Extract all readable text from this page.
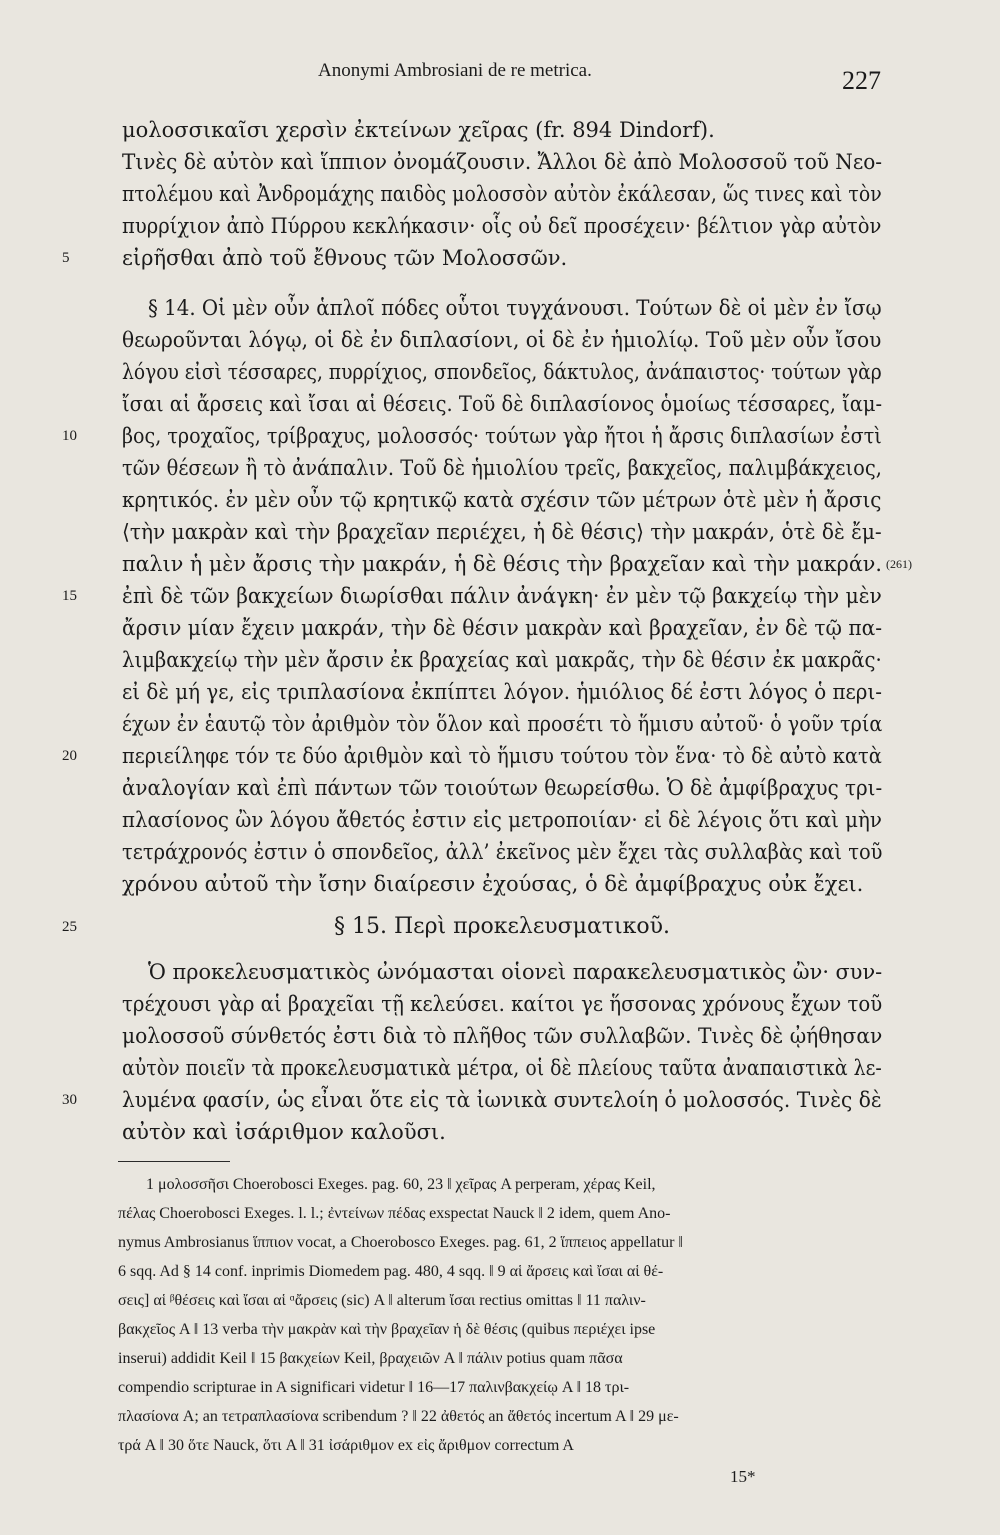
Anonymi Ambrosiani de re metrica.	227
μολοσσικαῖσι χερσὶν ἐκτείνων χεῖρας (fr. 894 Dindorf).
Τινὲς δὲ αὐτὸν καὶ ἵππιον ὀνομάζουσιν. Ἄλλοι δὲ ἀπὸ Μολοσσοῦ τοῦ Νεο-
πτολέμου καὶ Ἀνδρομάχης παιδὸς μολοσσὸν αὐτὸν ἐκάλεσαν, ὥς τινες καὶ τὸν
πυρρίχιον ἀπὸ Πύρρου κεκλήκασιν· οἷς οὐ δεῖ προσέχειν· βέλτιον γὰρ αὐτὸν
εἰρῆσθαι ἀπὸ τοῦ ἔθνους τῶν Μολοσσῶν.
5
§ 14. Οἱ μὲν οὖν ἁπλοῖ πόδες οὗτοι τυγχάνουσι. Τούτων δὲ οἱ μὲν ἐν ἴσῳ
θεωροῦνται λόγῳ, οἱ δὲ ἐν διπλασίονι, οἱ δὲ ἐν ἡμιολίῳ. Τοῦ μὲν οὖν ἴσου
λόγου εἰσὶ τέσσαρες, πυρρίχιος, σπονδεῖος, δάκτυλος, ἀνάπαιστος· τούτων γὰρ
ἴσαι αἱ ἄρσεις καὶ ἴσαι αἱ θέσεις. Τοῦ δὲ διπλασίονος ὁμοίως τέσσαρες, ἴαμ-
βος, τροχαῖος, τρίβραχυς, μολοσσός· τούτων γὰρ ἤτοι ἡ ἄρσις διπλασίων ἐστὶ
10
τῶν θέσεων ἢ τὸ ἀνάπαλιν. Τοῦ δὲ ἡμιολίου τρεῖς, βακχεῖος, παλιμβάκχειος,
κρητικός. ἐν μὲν οὖν τῷ κρητικῷ κατὰ σχέσιν τῶν μέτρων ὁτὲ μὲν ἡ ἄρσις
⟨τὴν μακρὰν καὶ τὴν βραχεῖαν περιέχει, ἡ δὲ θέσις⟩ τὴν μακράν, ὁτὲ δὲ ἔμ-
παλιν ἡ μὲν ἄρσις τὴν μακράν, ἡ δὲ θέσις τὴν βραχεῖαν καὶ τὴν μακράν. (261)
ἐπὶ δὲ τῶν βακχείων διωρίσθαι πάλιν ἀνάγκη· ἐν μὲν τῷ βακχείῳ τὴν μὲν
15
ἄρσιν μίαν ἔχειν μακράν, τὴν δὲ θέσιν μακρὰν καὶ βραχεῖαν, ἐν δὲ τῷ πα-
λιμβακχείῳ τὴν μὲν ἄρσιν ἐκ βραχείας καὶ μακρᾶς, τὴν δὲ θέσιν ἐκ μακρᾶς·
εἰ δὲ μή γε, εἰς τριπλασίονα ἐκπίπτει λόγον. ἡμιόλιος δέ ἐστι λόγος ὁ περι-
έχων ἐν ἑαυτῷ τὸν ἀριθμὸν τὸν ὅλον καὶ προσέτι τὸ ἥμισυ αὐτοῦ· ὁ γοῦν τρία
περιείληφε τόν τε δύο ἀριθμὸν καὶ τὸ ἥμισυ τούτου τὸν ἕνα· τὸ δὲ αὐτὸ κατὰ
20
ἀναλογίαν καὶ ἐπὶ πάντων τῶν τοιούτων θεωρείσθω. Ὁ δὲ ἀμφίβραχυς τρι-
πλασίονος ὢν λόγου ἄθετός ἐστιν εἰς μετροποιίαν· εἰ δὲ λέγοις ὅτι καὶ μὴν
τετράχρονός ἐστιν ὁ σπονδεῖος, ἀλλ’ ἐκεῖνος μὲν ἔχει τὰς συλλαβὰς καὶ τοῦ
χρόνου αὐτοῦ τὴν ἴσην διαίρεσιν ἐχούσας, ὁ δὲ ἀμφίβραχυς οὐκ ἔχει.
§ 15. Περὶ προκελευσματικοῦ.
25
Ὁ προκελευσματικὸς ὠνόμασται οἱονεὶ παρακελευσματικὸς ὢν· συν-
τρέχουσι γὰρ αἱ βραχεῖαι τῇ κελεύσει. καίτοι γε ἥσσονας χρόνους ἔχων τοῦ
μολοσσοῦ σύνθετός ἐστι διὰ τὸ πλῆθος τῶν συλλαβῶν. Τινὲς δὲ ᾠήθησαν
αὐτὸν ποιεῖν τὰ προκελευσματικὰ μέτρα, οἱ δὲ πλείους ταῦτα ἀναπαιστικὰ λε-
λυμένα φασίν, ὡς εἶναι ὅτε εἰς τὰ ἰωνικὰ συντελοίη ὁ μολοσσός. Τινὲς δὲ
30
αὐτὸν καὶ ἰσάριθμον καλοῦσι.
1 μολοσσῆσι Choerobosci Exeges. pag. 60, 23 ‖ χεῖρας A perperam, χέρας Keil,
πέλας Choerobosci Exeges. l. l.; ἐντείνων πέδας exspectat Nauck ‖ 2 idem, quem Ano-
nymus Ambrosianus ἵππιον vocat, a Choerobosco Exeges. pag. 61, 2 ἵππειος appellatur ‖
6 sqq. Ad § 14 conf. inprimis Diomedem pag. 480, 4 sqq. ‖ 9 αἱ ἄρσεις καὶ ἴσαι αἱ θέ-
σεις] αἱ ᵝθέσεις καὶ ἴσαι αἱ ᵅἄρσεις (sic) A ‖ alterum ἴσαι rectius omittas ‖ 11 παλιν-
βακχεῖος A ‖ 13 verba τὴν μακρὰν καὶ τὴν βραχεῖαν ἡ δὲ θέσις (quibus περιέχει ipse
inserui) addidit Keil ‖ 15 βακχείων Keil, βραχειῶν A ‖ πάλιν potius quam πᾶσα
compendio scripturae in A significari videtur ‖ 16—17 παλινβακχείῳ A ‖ 18 τρι-
πλασίονα A; an τετραπλασίονα scribendum ? ‖ 22 ἀθετός an ἄθετός incertum A ‖ 29 με-
τρά A ‖ 30 ὅτε Nauck, ὅτι A ‖ 31 ἰσάριθμον ex εἰς ἄριθμον correctum A
15*
